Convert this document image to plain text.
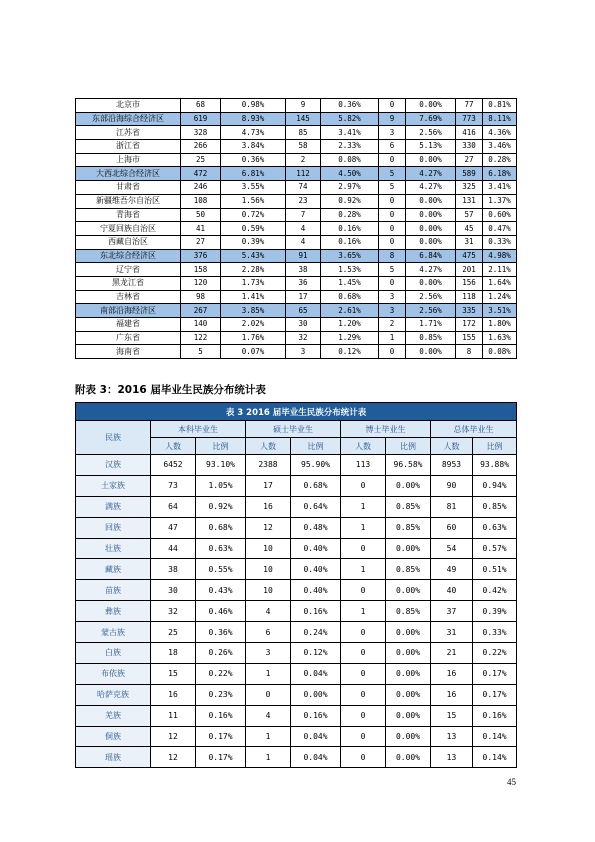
北京市	68	0.98%	9	0.36%	0	0.00%	77	0.81%
东部沿海综合经济区	619	8.93%	145	5.82%	9	7.69%	773	8.11%
江苏省	328	4.73%	85	3.41%	3	2.56%	416	4.36%
浙江省	266	3.84%	58	2.33%	6	5.13%	330	3.46%
上海市	25	0.36%	2	0.08%	0	0.00%	27	0.28%
大西北综合经济区	472	6.81%	112	4.50%	5	4.27%	589	6.18%
甘肃省	246	3.55%	74	2.97%	5	4.27%	325	3.41%
新疆维吾尔自治区	108	1.56%	23	0.92%	0	0.00%	131	1.37%
青海省	50	0.72%	7	0.28%	0	0.00%	57	0.60%
宁夏回族自治区	41	0.59%	4	0.16%	0	0.00%	45	0.47%
西藏自治区	27	0.39%	4	0.16%	0	0.00%	31	0.33%
东北综合经济区	376	5.43%	91	3.65%	8	6.84%	475	4.98%
辽宁省	158	2.28%	38	1.53%	5	4.27%	201	2.11%
黑龙江省	120	1.73%	36	1.45%	0	0.00%	156	1.64%
吉林省	98	1.41%	17	0.68%	3	2.56%	118	1.24%
南部沿海经济区	267	3.85%	65	2.61%	3	2.56%	335	3.51%
福建省	140	2.02%	30	1.20%	2	1.71%	172	1.80%
广东省	122	1.76%	32	1.29%	1	0.85%	155	1.63%
海南省	5	0.07%	3	0.12%	0	0.00%	8	0.08%
附表 3：2016 届毕业生民族分布统计表
表 3 2016 届毕业生民族分布统计表								
民族	本科毕业生		硕士毕业生		博士毕业生		总体毕业生	
	人数	比例	人数	比例	人数	比例	人数	比例
汉族	6452	93.10%	2388	95.90%	113	96.58%	8953	93.88%
土家族	73	1.05%	17	0.68%	0	0.00%	90	0.94%
满族	64	0.92%	16	0.64%	1	0.85%	81	0.85%
回族	47	0.68%	12	0.48%	1	0.85%	60	0.63%
壮族	44	0.63%	10	0.40%	0	0.00%	54	0.57%
藏族	38	0.55%	10	0.40%	1	0.85%	49	0.51%
苗族	30	0.43%	10	0.40%	0	0.00%	40	0.42%
彝族	32	0.46%	4	0.16%	1	0.85%	37	0.39%
蒙古族	25	0.36%	6	0.24%	0	0.00%	31	0.33%
白族	18	0.26%	3	0.12%	0	0.00%	21	0.22%
布依族	15	0.22%	1	0.04%	0	0.00%	16	0.17%
哈萨克族	16	0.23%	0	0.00%	0	0.00%	16	0.17%
羌族	11	0.16%	4	0.16%	0	0.00%	15	0.16%
侗族	12	0.17%	1	0.04%	0	0.00%	13	0.14%
瑶族	12	0.17%	1	0.04%	0	0.00%	13	0.14%
45
